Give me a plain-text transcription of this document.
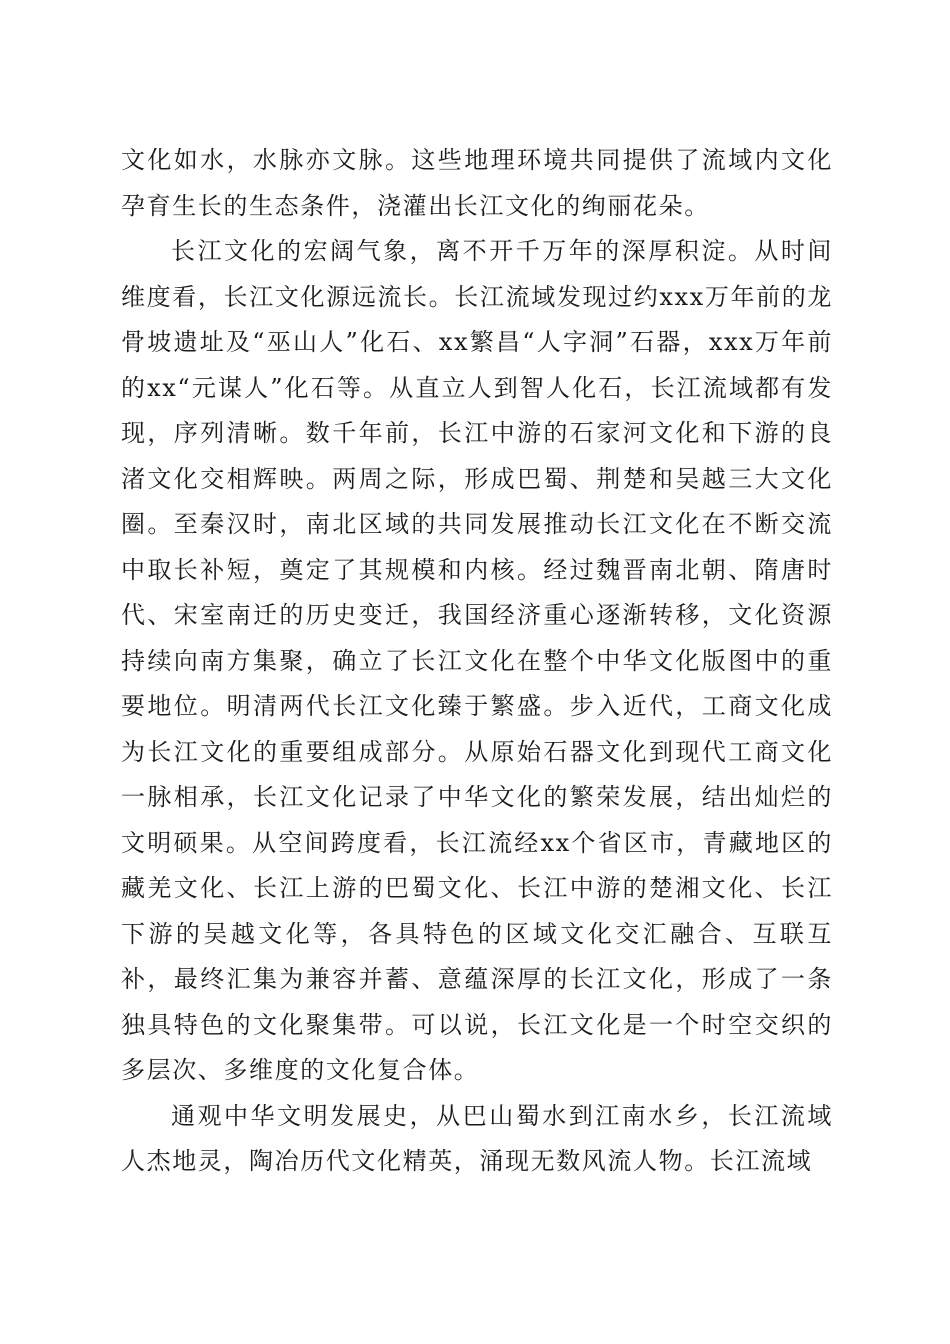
文化如水，水脉亦文脉。这些地理环境共同提供了流域内文化孕育生长的生态条件，浇灌出长江文化的绚丽花朵。

长江文化的宏阔气象，离不开千万年的深厚积淀。从时间维度看，长江文化源远流长。长江流域发现过约xxx万年前的龙骨坡遗址及“巫山人”化石、xx繁昌“人字洞”石器，xxx万年前的xx“元谋人”化石等。从直立人到智人化石，长江流域都有发现，序列清晰。数千年前，长江中游的石家河文化和下游的良渚文化交相辉映。两周之际，形成巴蜀、荆楚和吴越三大文化圈。至秦汉时，南北区域的共同发展推动长江文化在不断交流中取长补短，奠定了其规模和内核。经过魏晋南北朝、隋唐时代、宋室南迁的历史变迁，我国经济重心逐渐转移，文化资源持续向南方集聚，确立了长江文化在整个中华文化版图中的重要地位。明清两代长江文化臻于繁盛。步入近代，工商文化成为长江文化的重要组成部分。从原始石器文化到现代工商文化一脉相承，长江文化记录了中华文化的繁荣发展，结出灿烂的文明硕果。从空间跨度看，长江流经xx个省区市，青藏地区的藏羌文化、长江上游的巴蜀文化、长江中游的楚湘文化、长江下游的吴越文化等，各具特色的区域文化交汇融合、互联互补，最终汇集为兼容并蓄、意蕴深厚的长江文化，形成了一条独具特色的文化聚集带。可以说，长江文化是一个时空交织的多层次、多维度的文化复合体。

通观中华文明发展史，从巴山蜀水到江南水乡，长江流域人杰地灵，陶冶历代文化精英，涌现无数风流人物。长江流域
